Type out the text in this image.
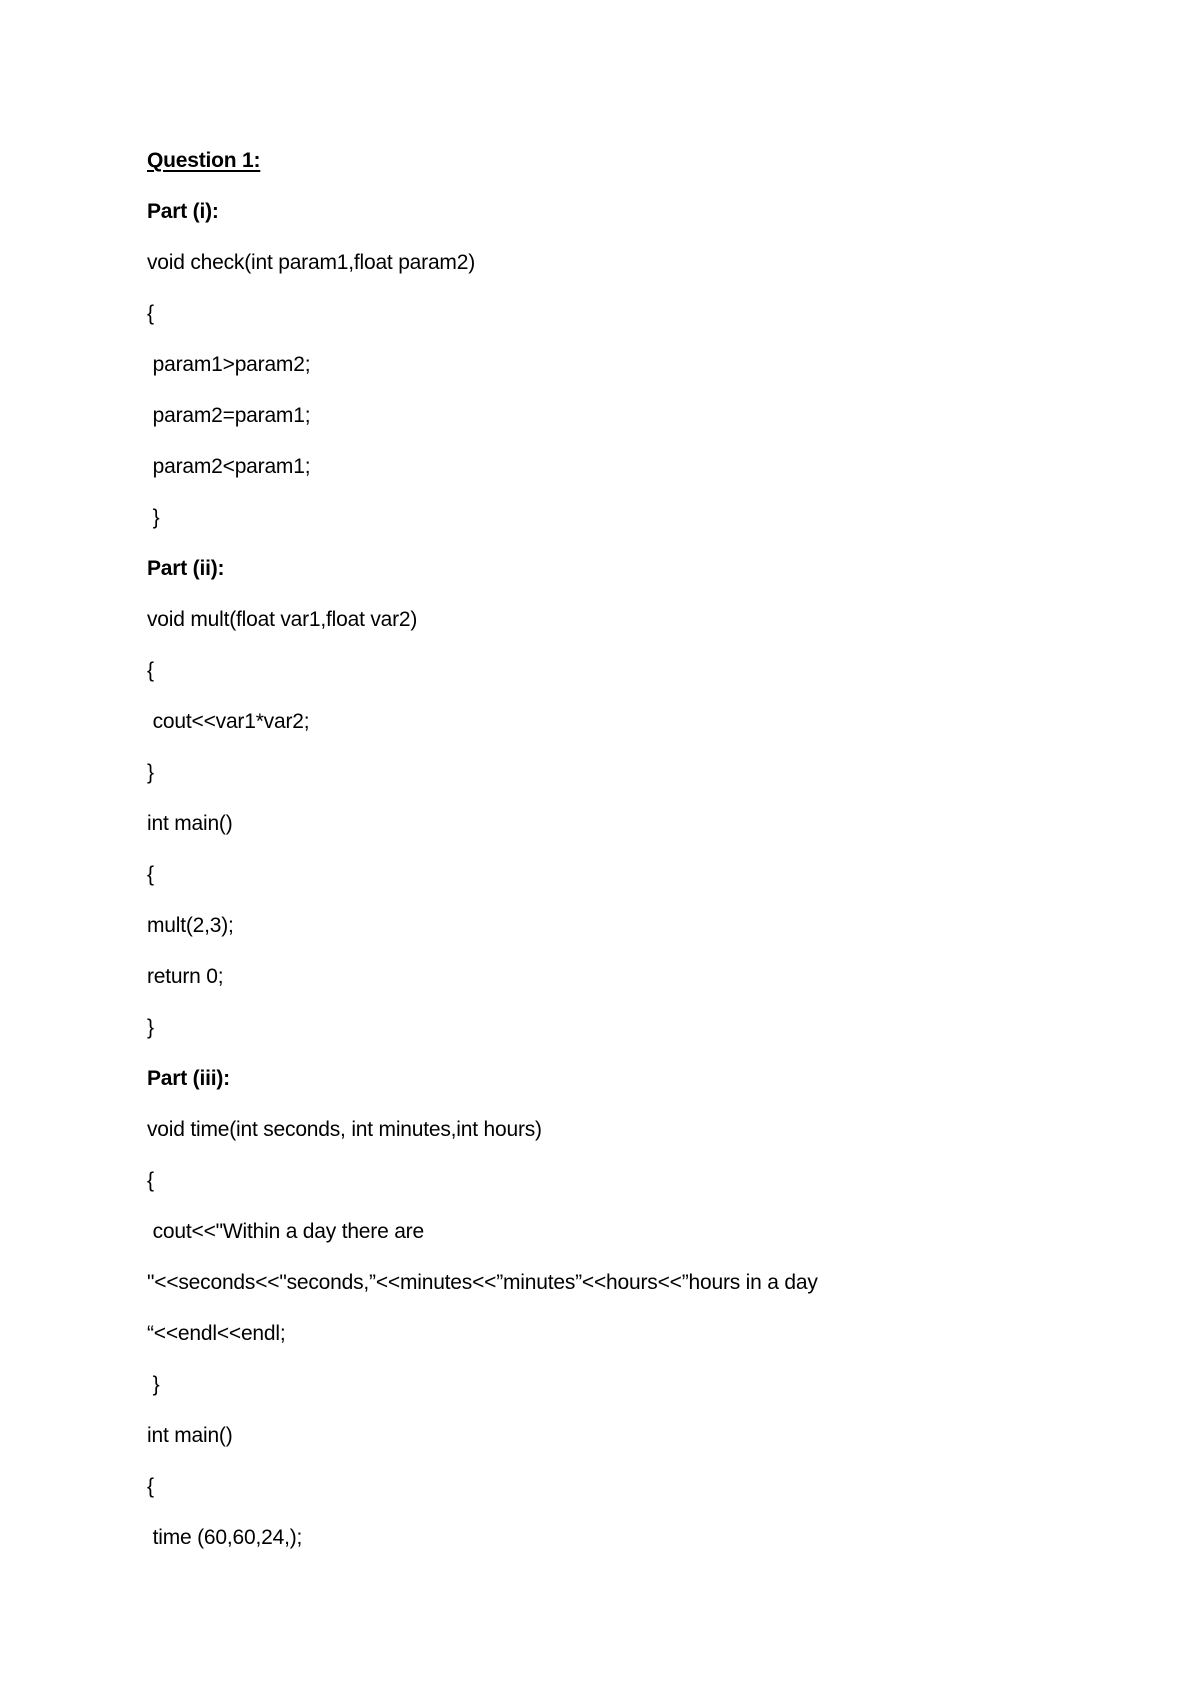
Question 1:
Part (i):
void check(int param1,float param2)
{
param1>param2;
param2=param1;
param2<param1;
}
Part (ii):
void mult(float var1,float var2)
{
cout<<var1*var2;
}
int main()
{
mult(2,3);
return 0;
}
Part (iii):
void time(int seconds, int minutes,int hours)
{
cout<<"Within a day there are
"<<seconds<<"seconds,”<<minutes<<”minutes”<<hours<<”hours in a day
“<<endl<<endl;
}
int main()
{
time (60,60,24,);
